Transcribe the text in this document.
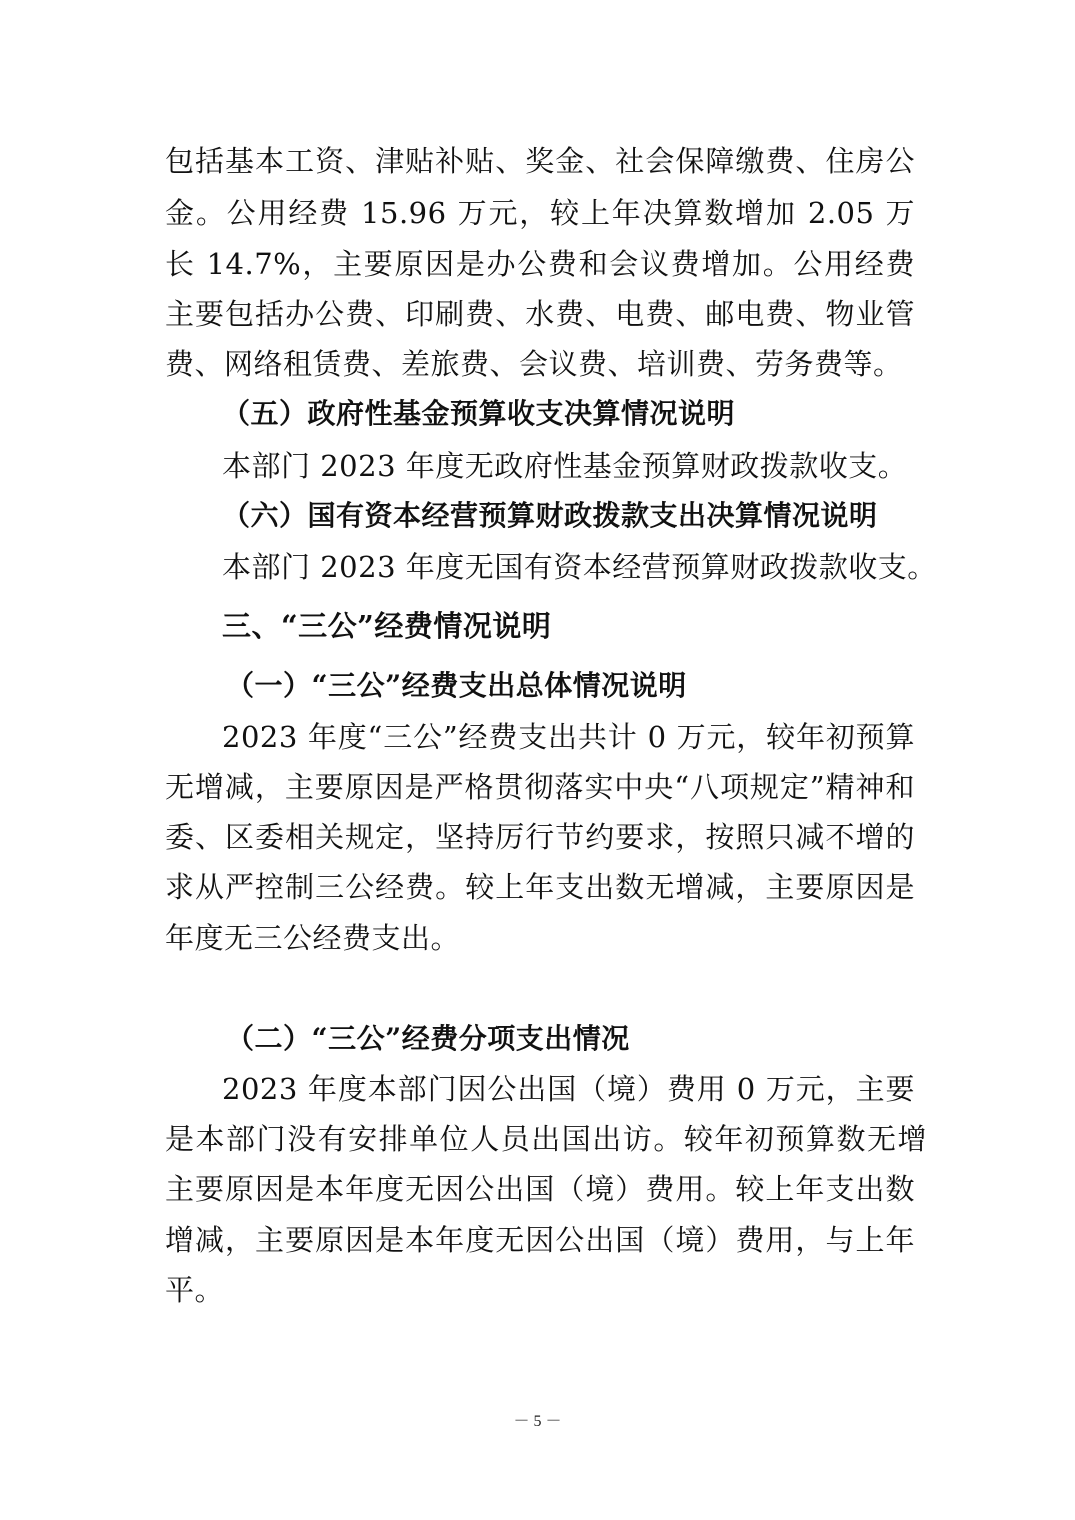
包括基本工资、津贴补贴、奖金、社会保障缴费、住房公
金。公用经费 15.96 万元，较上年决算数增加 2.05 万
长 14.7%，主要原因是办公费和会议费增加。公用经费
主要包括办公费、印刷费、水费、电费、邮电费、物业管
费、网络租赁费、差旅费、会议费、培训费、劳务费等。
（五）政府性基金预算收支决算情况说明
本部门 2023 年度无政府性基金预算财政拨款收支。
（六）国有资本经营预算财政拨款支出决算情况说明
本部门 2023 年度无国有资本经营预算财政拨款收支。
三、“三公”经费情况说明
（一）“三公”经费支出总体情况说明
2023 年度“三公”经费支出共计 0 万元，较年初预算
无增减，主要原因是严格贯彻落实中央“八项规定”精神和
委、区委相关规定，坚持厉行节约要求，按照只减不增的
求从严控制三公经费。较上年支出数无增减，主要原因是
年度无三公经费支出。
（二）“三公”经费分项支出情况
2023 年度本部门因公出国（境）费用 0 万元，主要
是本部门没有安排单位人员出国出访。较年初预算数无增
主要原因是本年度无因公出国（境）费用。较上年支出数
增减，主要原因是本年度无因公出国（境）费用，与上年
平。
－ 5 －
